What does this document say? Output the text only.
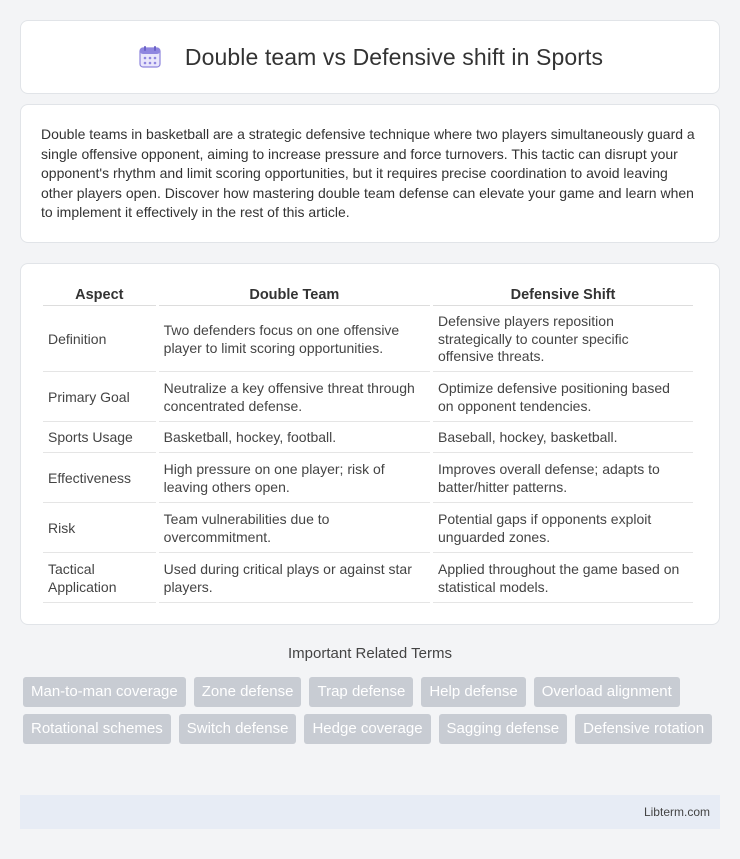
Double team vs Defensive shift in Sports

Double teams in basketball are a strategic defensive technique where two players simultaneously guard a single offensive opponent, aiming to increase pressure and force turnovers. This tactic can disrupt your opponent's rhythm and limit scoring opportunities, but it requires precise coordination to avoid leaving other players open. Discover how mastering double team defense can elevate your game and learn when to implement it effectively in the rest of this article.

Aspect	Double Team	Defensive Shift
Definition	Two defenders focus on one offensive player to limit scoring opportunities.	Defensive players reposition strategically to counter specific offensive threats.
Primary Goal	Neutralize a key offensive threat through concentrated defense.	Optimize defensive positioning based on opponent tendencies.
Sports Usage	Basketball, hockey, football.	Baseball, hockey, basketball.
Effectiveness	High pressure on one player; risk of leaving others open.	Improves overall defense; adapts to batter/hitter patterns.
Risk	Team vulnerabilities due to overcommitment.	Potential gaps if opponents exploit unguarded zones.
Tactical Application	Used during critical plays or against star players.	Applied throughout the game based on statistical models.
Important Related Terms
Man-to-man coverage	Zone defense	Trap defense	Help defense	Overload alignment
Rotational schemes	Switch defense	Hedge coverage	Sagging defense	Defensive rotation
Libterm.com
